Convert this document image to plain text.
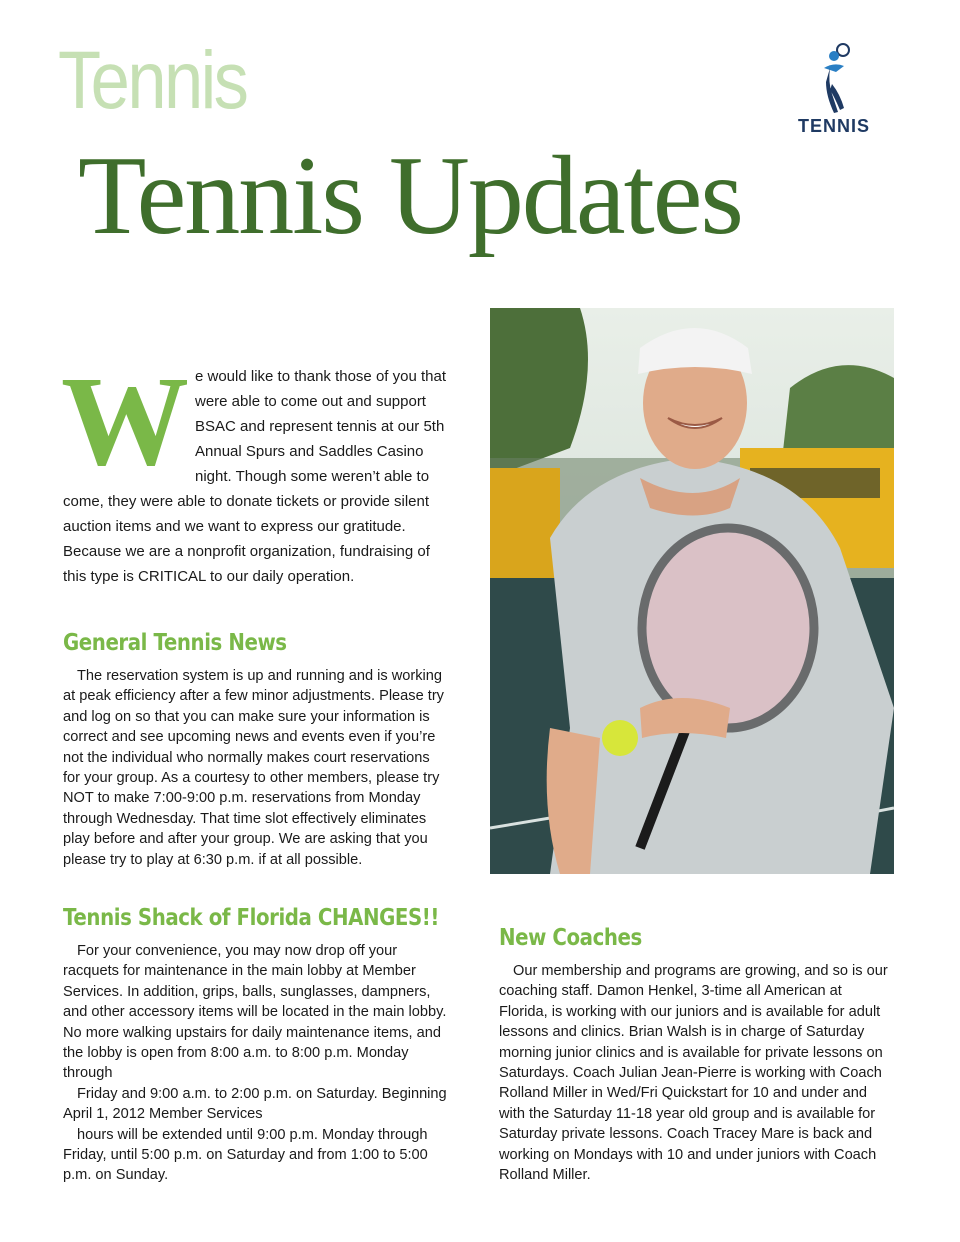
Tennis
Tennis Updates
TENNIS
W e would like to thank those of you that were able to come out and support BSAC and represent tennis at our 5th Annual Spurs and Saddles Casino night. Though some weren’t able to come, they were able to donate tickets or provide silent auction items and we want to express our gratitude. Because we are a nonprofit organization, fundraising of this type is CRITICAL to our daily operation.
General Tennis News

The reservation system is up and running and is working at peak efficiency after a few minor adjustments. Please try and log on so that you can make sure your information is correct and see upcoming news and events even if you’re not the individual who normally makes court reservations for your group. As a courtesy to other members, please try NOT to make 7:00-9:00 p.m. reservations from Monday through Wednesday. That time slot effectively eliminates play before and after your group. We are asking that you please try to play at 6:30 p.m. if at all possible.

Tennis Shack of Florida CHANGES!!

For your convenience, you may now drop off your racquets for maintenance in the main lobby at Member Services. In addition, grips, balls, sunglasses, dampners, and other accessory items will be located in the main lobby. No more walking upstairs for daily maintenance items, and the lobby is open from 8:00 a.m. to 8:00 p.m. Monday through

Friday and 9:00 a.m. to 2:00 p.m. on Saturday. Beginning April 1, 2012 Member Services

hours will be extended until 9:00 p.m. Monday through Friday, until 5:00 p.m. on Saturday and from 1:00 to 5:00 p.m. on Sunday.

New Coaches

Our membership and programs are growing, and so is our coaching staff. Damon Henkel, 3-time all American at Florida, is working with our juniors and is available for adult lessons and clinics. Brian Walsh is in charge of Saturday morning junior clinics and is available for private lessons on Saturdays. Coach Julian Jean-Pierre is working with Coach Rolland Miller in Wed/Fri Quickstart for 10 and under and with the Saturday 11-18 year old group and is available for Saturday private lessons. Coach Tracey Mare is back and working on Mondays with 10 and under juniors with Coach Rolland Miller.
